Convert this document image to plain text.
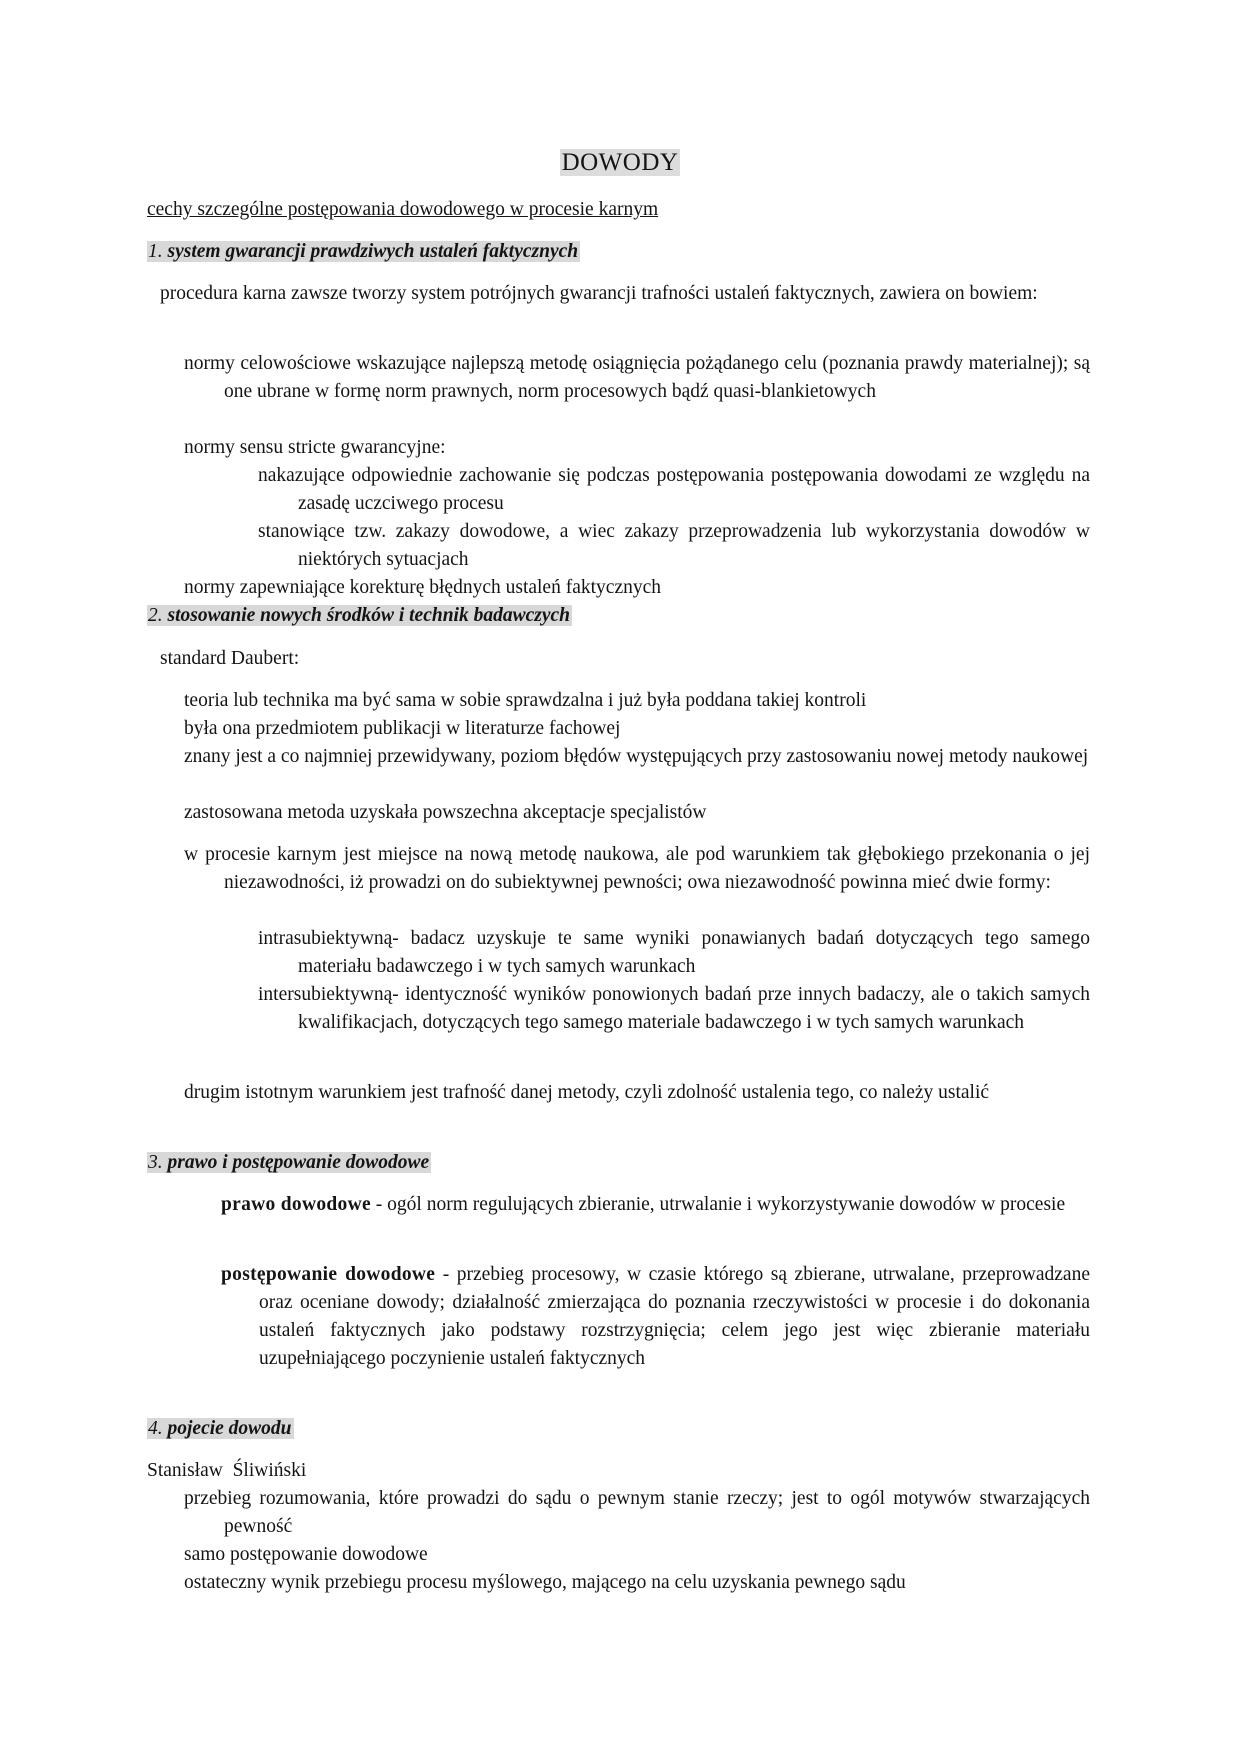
DOWODY

cechy szczególne postępowania dowodowego w procesie karnym

1. system gwarancji prawdziwych ustaleń faktycznych

procedura karna zawsze tworzy system potrójnych gwarancji trafności ustaleń faktycznych, zawiera on bowiem:

normy celowościowe wskazujące najlepszą metodę osiągnięcia pożądanego celu (poznania prawdy materialnej); są one ubrane w formę norm prawnych, norm procesowych bądź quasi-blankietowych

normy sensu stricte gwarancyjne:

nakazujące odpowiednie zachowanie się podczas postępowania postępowania dowodami ze względu na zasadę uczciwego procesu

stanowiące tzw. zakazy dowodowe, a wiec zakazy przeprowadzenia lub wykorzystania dowodów w niektórych sytuacjach

normy zapewniające korekturę błędnych ustaleń faktycznych

2. stosowanie nowych środków i technik badawczych

standard Daubert:

teoria lub technika ma być sama w sobie sprawdzalna i już była poddana takiej kontroli

była ona przedmiotem publikacji w literaturze fachowej

znany jest a co najmniej przewidywany, poziom błędów występujących przy zastosowaniu nowej metody naukowej

zastosowana metoda uzyskała powszechna akceptacje specjalistów

w procesie karnym jest miejsce na nową metodę naukowa, ale pod warunkiem tak głębokiego przekonania o jej niezawodności, iż prowadzi on do subiektywnej pewności; owa niezawodność powinna mieć dwie formy:

intrasubiektywną- badacz uzyskuje te same wyniki ponawianych badań dotyczących tego samego materiału badawczego i w tych samych warunkach

intersubiektywną- identyczność wyników ponowionych badań prze innych badaczy, ale o takich samych kwalifikacjach, dotyczących tego samego materiale badawczego i w tych samych warunkach

drugim istotnym warunkiem jest trafność danej metody, czyli zdolność ustalenia tego, co należy ustalić

3. prawo i postępowanie dowodowe

prawo dowodowe - ogól norm regulujących zbieranie, utrwalanie i wykorzystywanie dowodów w procesie

postępowanie dowodowe - przebieg procesowy, w czasie którego są zbierane, utrwalane, przeprowadzane oraz oceniane dowody; działalność zmierzająca do poznania rzeczywistości w procesie i do dokonania ustaleń faktycznych jako podstawy rozstrzygnięcia; celem jego jest więc zbieranie materiału uzupełniającego poczynienie ustaleń faktycznych

4. pojecie dowodu

Stanisław  Śliwiński

przebieg rozumowania, które prowadzi do sądu o pewnym stanie rzeczy; jest to ogól motywów stwarzających pewność

samo postępowanie dowodowe

ostateczny wynik przebiegu procesu myślowego, mającego na celu uzyskania pewnego sądu
